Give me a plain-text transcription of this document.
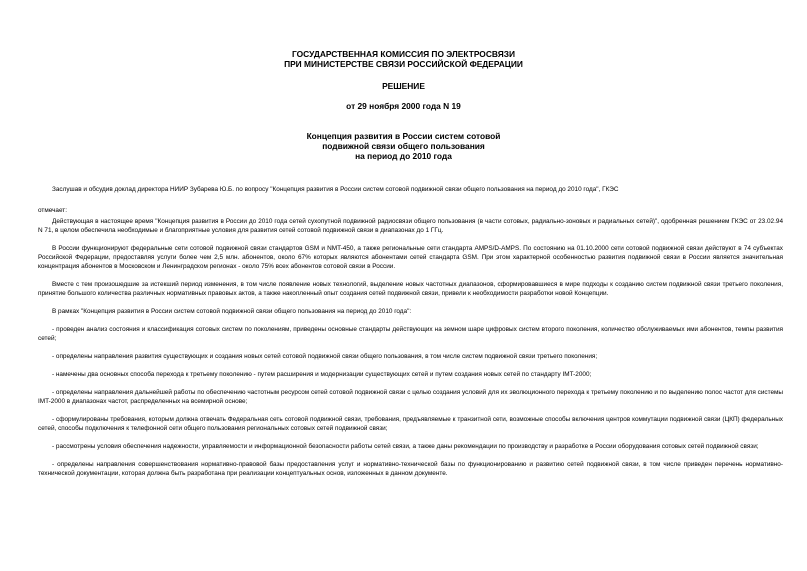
ГОСУДАРСТВЕННАЯ КОМИССИЯ ПО ЭЛЕКТРОСВЯЗИ
ПРИ МИНИСТЕРСТВЕ СВЯЗИ РОССИЙСКОЙ ФЕДЕРАЦИИ
РЕШЕНИЕ
от 29 ноября 2000 года N 19
Концепция развития в России систем сотовой
подвижной связи общего пользования
на период до 2010 года

Заслушав и обсудив доклад директора НИИР Зубарева Ю.Б. по вопросу "Концепция развития в России систем сотовой подвижной связи общего пользования на период до 2010 года", ГКЭС

отмечает:

Действующая в настоящее время "Концепция развития в России до 2010 года сетей сухопутной подвижной радиосвязи общего пользования (в части сотовых, радиально-зоновых и радиальных сетей)", одобренная решением ГКЭС от 23.02.94 N 71, в целом обеспечила необходимые и благоприятные условия для развития сетей сотовой подвижной связи в диапазонах до 1 ГГц.

В России функционируют федеральные сети сотовой подвижной связи стандартов GSM и NMT-450, а также региональные сети стандарта AMPS/D-AMPS. По состоянию на 01.10.2000 сети сотовой подвижной связи действуют в 74 субъектах Российской Федерации, предоставляя услуги более чем 2,5 млн. абонентов, около 67% которых являются абонентами сетей стандарта GSM. При этом характерной особенностью развития подвижной связи в России является значительная концентрация абонентов в Московском и Ленинградском регионах - около 75% всех абонентов сотовой связи в России.

Вместе с тем произошедшие за истекший период изменения, в том числе появление новых технологий, выделение новых частотных диапазонов, сформировавшиеся в мире подходы к созданию систем подвижной связи третьего поколения, принятие большого количества различных нормативных правовых актов, а также накопленный опыт создания сетей подвижной связи, привели к необходимости разработки новой Концепции.

В рамках "Концепция развития в России систем сотовой подвижной связи общего пользования на период до 2010 года":

- проведен анализ состояния и классификация сотовых систем по поколениям, приведены основные стандарты действующих на земном шаре цифровых систем второго поколения, количество обслуживаемых ими абонентов, темпы развития сетей;

- определены направления развития существующих и создания новых сетей сотовой подвижной связи общего пользования, в том числе систем подвижной связи третьего поколения;

- намечены два основных способа перехода к третьему поколению - путем расширения и модернизации существующих сетей и путем создания новых сетей по стандарту IMT-2000;

- определены направления дальнейшей работы по обеспечению частотным ресурсом сетей сотовой подвижной связи с целью создания условий для их эволюционного перехода к третьему поколению и по выделению полос частот для системы IMT-2000 в диапазонах частот, распределенных на всемирной основе;

- сформулированы требования, которым должна отвечать Федеральная сеть сотовой подвижной связи, требования, предъявляемые к транзитной сети, возможные способы включения центров коммутации подвижной связи (ЦКП) федеральных сетей, способы подключения к телефонной сети общего пользования региональных сотовых сетей подвижной связи;

- рассмотрены условия обеспечения надежности, управляемости и информационной безопасности работы сетей связи, а также даны рекомендации по производству и разработке в России оборудования сотовых сетей подвижной связи;

- определены направления совершенствования нормативно-правовой базы предоставления услуг и нормативно-технической базы по функционированию и развитию сетей подвижной связи, в том числе приведен перечень нормативно-технической документации, которая должна быть разработана при реализации концептуальных основ, изложенных в данном документе.
